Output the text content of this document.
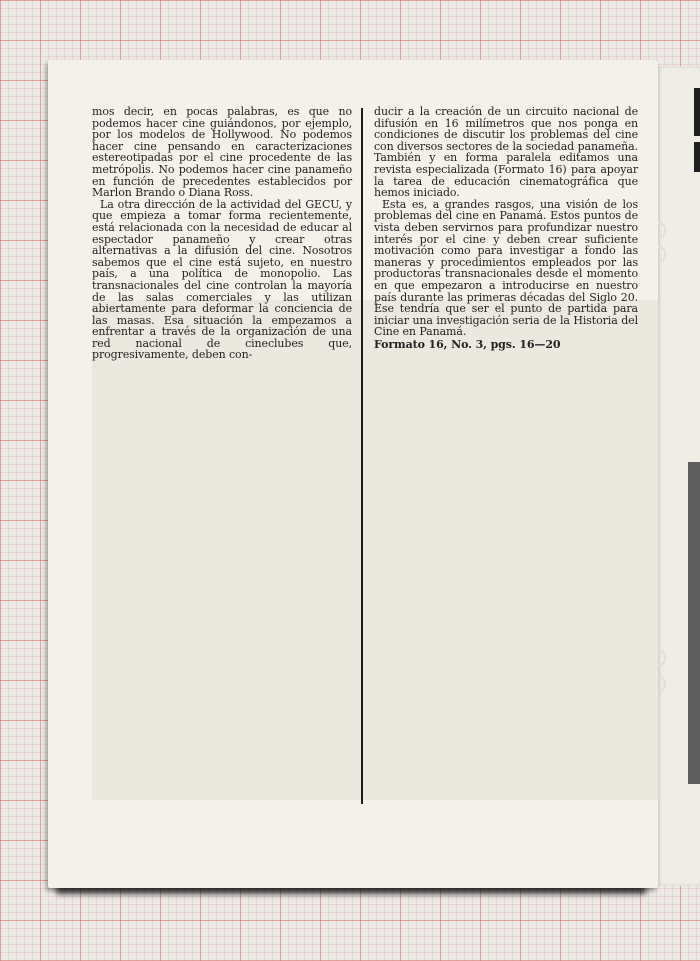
mos decir, en pocas palabras, es que no podemos hacer cine guiándonos, por ejemplo, por los modelos de Hollywood. No podemos hacer cine pensando en caracterizaciones estereotipadas por el cine procedente de las metrópolis. No podemos hacer cine panameño en función de precedentes establecidos por Marlon Brando o Diana Ross.

La otra dirección de la actividad del GECU, y que empieza a tomar forma recientemente, está relacionada con la necesidad de educar al espectador panameño y crear otras alternativas a la difusión del cine. Nosotros sabemos que el cine está sujeto, en nuestro país, a una política de monopolio. Las transnacionales del cine controlan la mayoría de las salas comerciales y las utilizan abiertamente para deformar la conciencia de las masas. Esa situación la empezamos a enfrentar a través de la organización de una red nacional de cineclubes que, progresivamente, deben con-

ducir a la creación de un circuito nacional de difusión en 16 milímetros que nos ponga en condiciones de discutir los problemas del cine con diversos sectores de la sociedad panameña. También y en forma paralela editamos una revista especializada (Formato 16) para apoyar la tarea de educación cinematográfica que hemos iniciado.

Esta es, a grandes rasgos, una visión de los problemas del cine en Panamá. Estos puntos de vista deben servirnos para profundizar nuestro interés por el cine y deben crear suficiente motivación como para investigar a fondo las maneras y procedimientos empleados por las productoras transnacionales desde el momento en que empezaron a introducirse en nuestro país durante las primeras décadas del Siglo 20. Ese tendría que ser el punto de partida para iniciar una investigación seria de la Historia del Cine en Panamá.

Formato 16, No. 3, pgs. 16—20
